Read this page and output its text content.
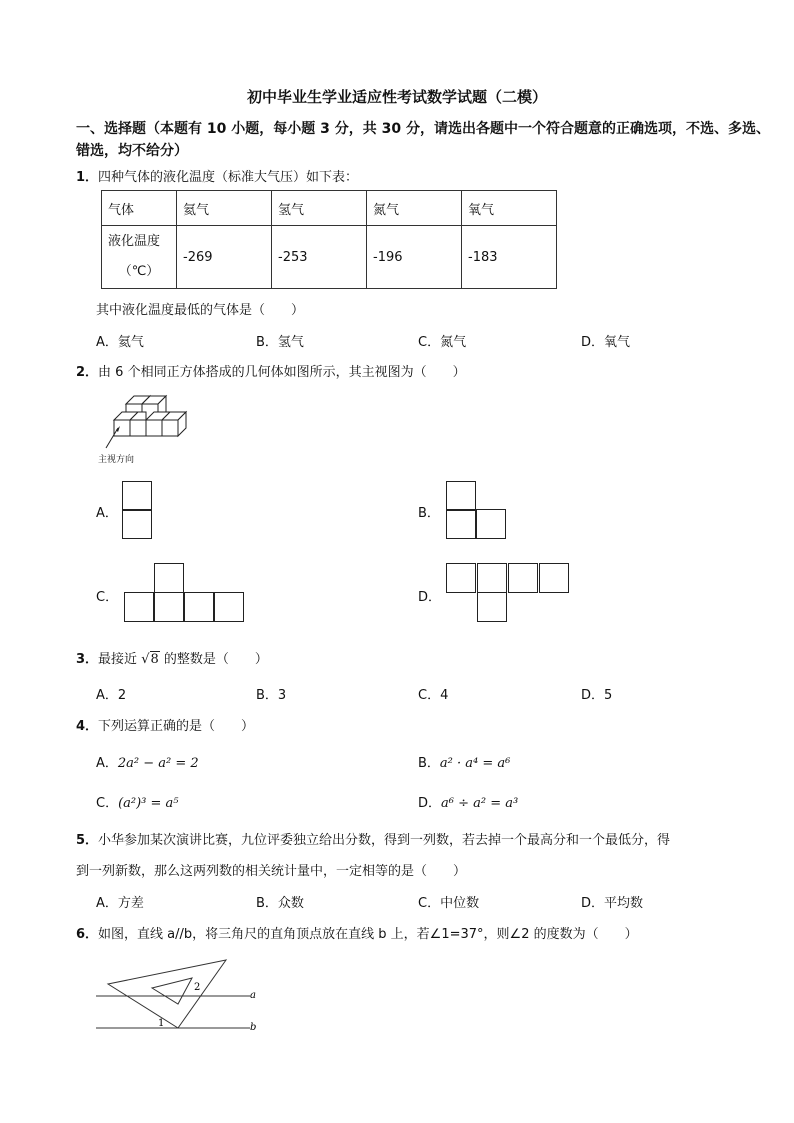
初中毕业生学业适应性考试数学试题（二模）
一、选择题（本题有 10 小题，每小题 3 分，共 30 分，请选出各题中一个符合题意的正确选项，不选、多选、错选，均不给分）
1．四种气体的液化温度（标准大气压）如下表：
气体	氦气	氢气	氮气	氧气

液化温度
（℃）	-269	-253	-196	-183
其中液化温度最低的气体是（　　）
A．氦气	B．氢气	C．氮气	D．氧气
2．由 6 个相同正方体搭成的几何体如图所示，其主视图为（　　）
主视方向
A．	B．
C．	D．
3．最接近 √8 的整数是（　　）
A．2	B．3	C．4	D．5
4．下列运算正确的是（　　）
A．2a² − a² = 2	B．a² · a⁴ = a⁶
C．(a²)³ = a⁵	D．a⁶ ÷ a² = a³
5．小华参加某次演讲比赛，九位评委独立给出分数，得到一列数，若去掉一个最高分和一个最低分，得
到一列新数，那么这两列数的相关统计量中，一定相等的是（　　）
A．方差	B．众数	C．中位数	D．平均数
6．如图，直线 a//b，将三角尺的直角顶点放在直线 b 上，若∠1=37°，则∠2 的度数为（　　）
a
b
1
2
